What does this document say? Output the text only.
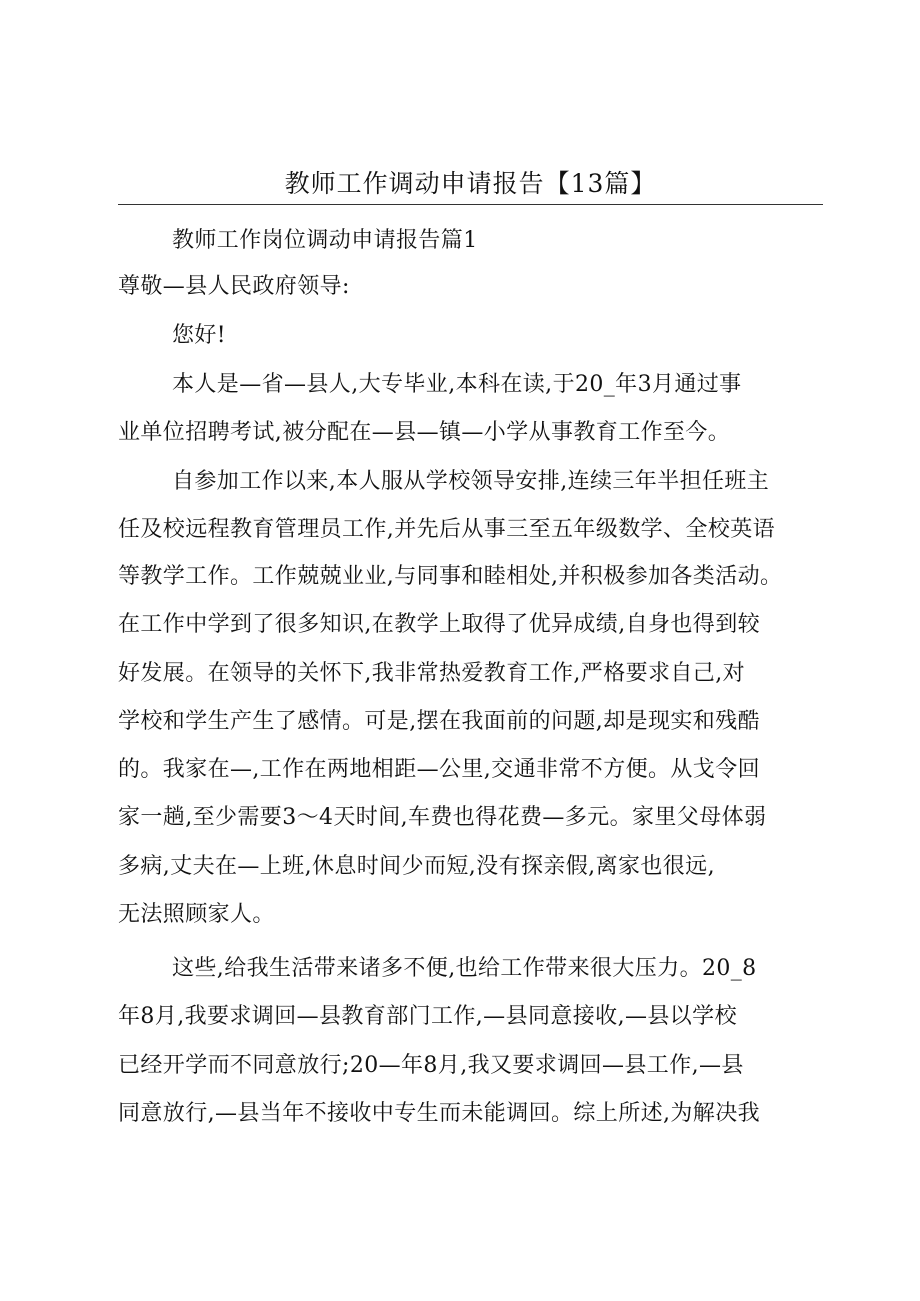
教师工作调动申请报告【13篇】
教师工作岗位调动申请报告篇1
尊敬—县人民政府领导:
您好!
本人是—省—县人,大专毕业,本科在读,于20_年3月通过事
业单位招聘考试,被分配在—县—镇—小学从事教育工作至今。
自参加工作以来,本人服从学校领导安排,连续三年半担任班主
任及校远程教育管理员工作,并先后从事三至五年级数学、全校英语
等教学工作。工作兢兢业业,与同事和睦相处,并积极参加各类活动。
在工作中学到了很多知识,在教学上取得了优异成绩,自身也得到较
好发展。在领导的关怀下,我非常热爱教育工作,严格要求自己,对
学校和学生产生了感情。可是,摆在我面前的问题,却是现实和残酷
的。我家在—,工作在两地相距—公里,交通非常不方便。从戈令回
家一趟,至少需要3～4天时间,车费也得花费—多元。家里父母体弱
多病,丈夫在—上班,休息时间少而短,没有探亲假,离家也很远,
无法照顾家人。
这些,给我生活带来诸多不便,也给工作带来很大压力。20_8
年8月,我要求调回—县教育部门工作,—县同意接收,—县以学校
已经开学而不同意放行;20—年8月,我又要求调回—县工作,—县
同意放行,—县当年不接收中专生而未能调回。综上所述,为解决我
